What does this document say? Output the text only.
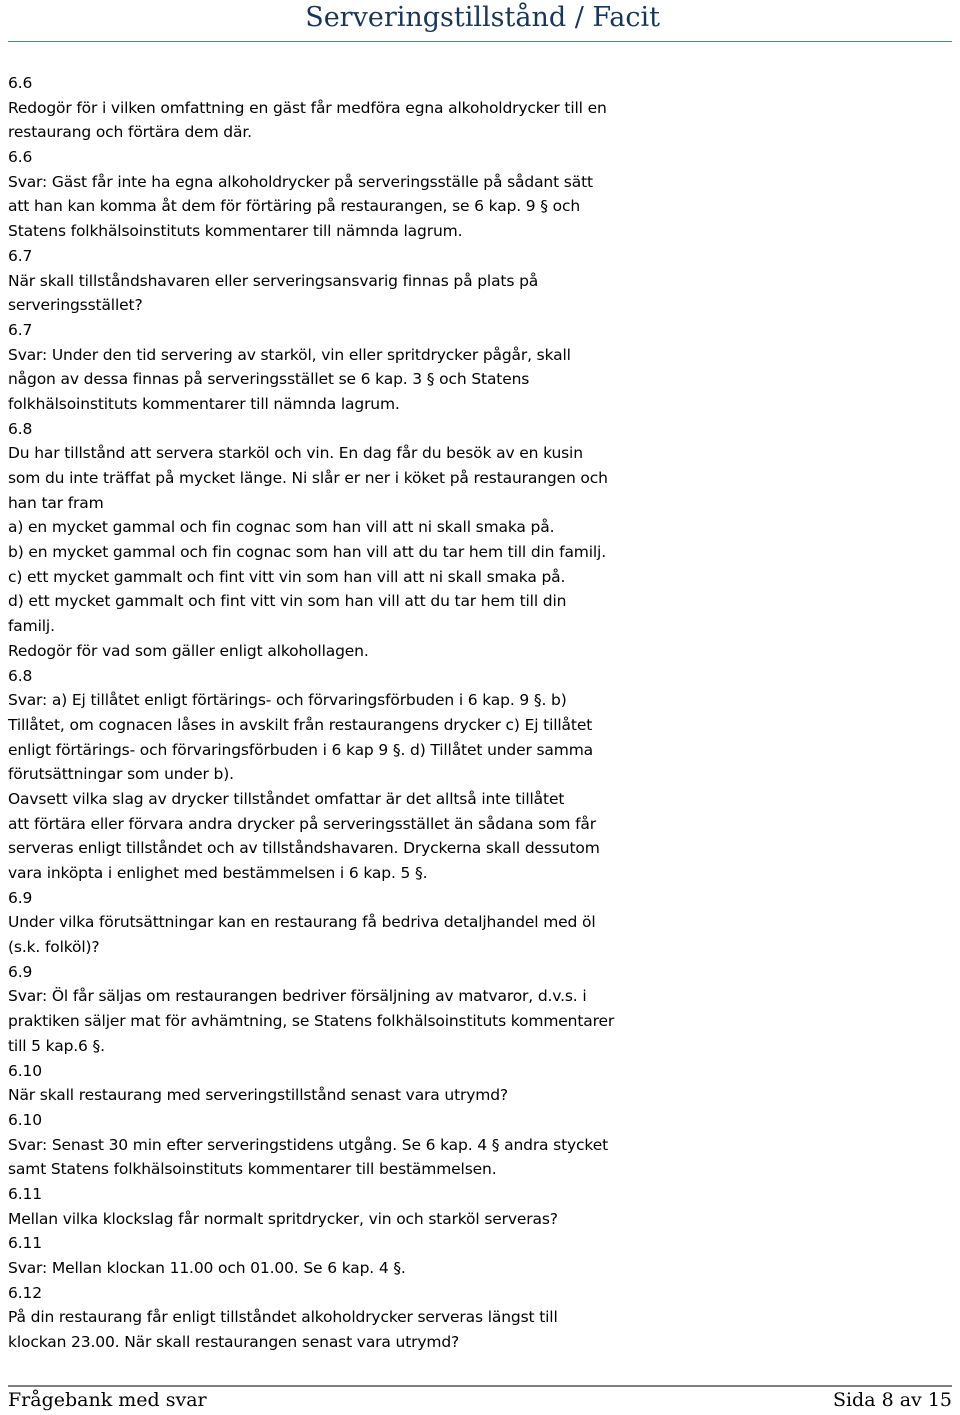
Serveringstillstånd / Facit
6.6
Redogör för i vilken omfattning en gäst får medföra egna alkoholdrycker till en
restaurang och förtära dem där.
6.6
Svar: Gäst får inte ha egna alkoholdrycker på serveringsställe på sådant sätt
att han kan komma åt dem för förtäring på restaurangen, se 6 kap. 9 § och
Statens folkhälsoinstituts kommentarer till nämnda lagrum.
6.7
När skall tillståndshavaren eller serveringsansvarig finnas på plats på
serveringsstället?
6.7
Svar: Under den tid servering av starköl, vin eller spritdrycker pågår, skall
någon av dessa finnas på serveringsstället se 6 kap. 3 § och Statens
folkhälsoinstituts kommentarer till nämnda lagrum.
6.8
Du har tillstånd att servera starköl och vin. En dag får du besök av en kusin
som du inte träffat på mycket länge. Ni slår er ner i köket på restaurangen och
han tar fram
a) en mycket gammal och fin cognac som han vill att ni skall smaka på.
b) en mycket gammal och fin cognac som han vill att du tar hem till din familj.
c) ett mycket gammalt och fint vitt vin som han vill att ni skall smaka på.
d) ett mycket gammalt och fint vitt vin som han vill att du tar hem till din
familj.
Redogör för vad som gäller enligt alkohollagen.
6.8
Svar: a) Ej tillåtet enligt förtärings- och förvaringsförbuden i 6 kap. 9 §. b)
Tillåtet, om cognacen låses in avskilt från restaurangens drycker c) Ej tillåtet
enligt förtärings- och förvaringsförbuden i 6 kap 9 §. d) Tillåtet under samma
förutsättningar som under b).
Oavsett vilka slag av drycker tillståndet omfattar är det alltså inte tillåtet
att förtära eller förvara andra drycker på serveringsstället än sådana som får
serveras enligt tillståndet och av tillståndshavaren. Dryckerna skall dessutom
vara inköpta i enlighet med bestämmelsen i 6 kap. 5 §.
6.9
Under vilka förutsättningar kan en restaurang få bedriva detaljhandel med öl
(s.k. folköl)?
6.9
Svar: Öl får säljas om restaurangen bedriver försäljning av matvaror, d.v.s. i
praktiken säljer mat för avhämtning, se Statens folkhälsoinstituts kommentarer
till 5 kap.6 §.
6.10
När skall restaurang med serveringstillstånd senast vara utrymd?
6.10
Svar: Senast 30 min efter serveringstidens utgång. Se 6 kap. 4 § andra stycket
samt Statens folkhälsoinstituts kommentarer till bestämmelsen.
6.11
Mellan vilka klockslag får normalt spritdrycker, vin och starköl serveras?
6.11
Svar: Mellan klockan 11.00 och 01.00. Se 6 kap. 4 §.
6.12
På din restaurang får enligt tillståndet alkoholdrycker serveras längst till
klockan 23.00. När skall restaurangen senast vara utrymd?
Frågebank med svar	Sida 8 av 15
